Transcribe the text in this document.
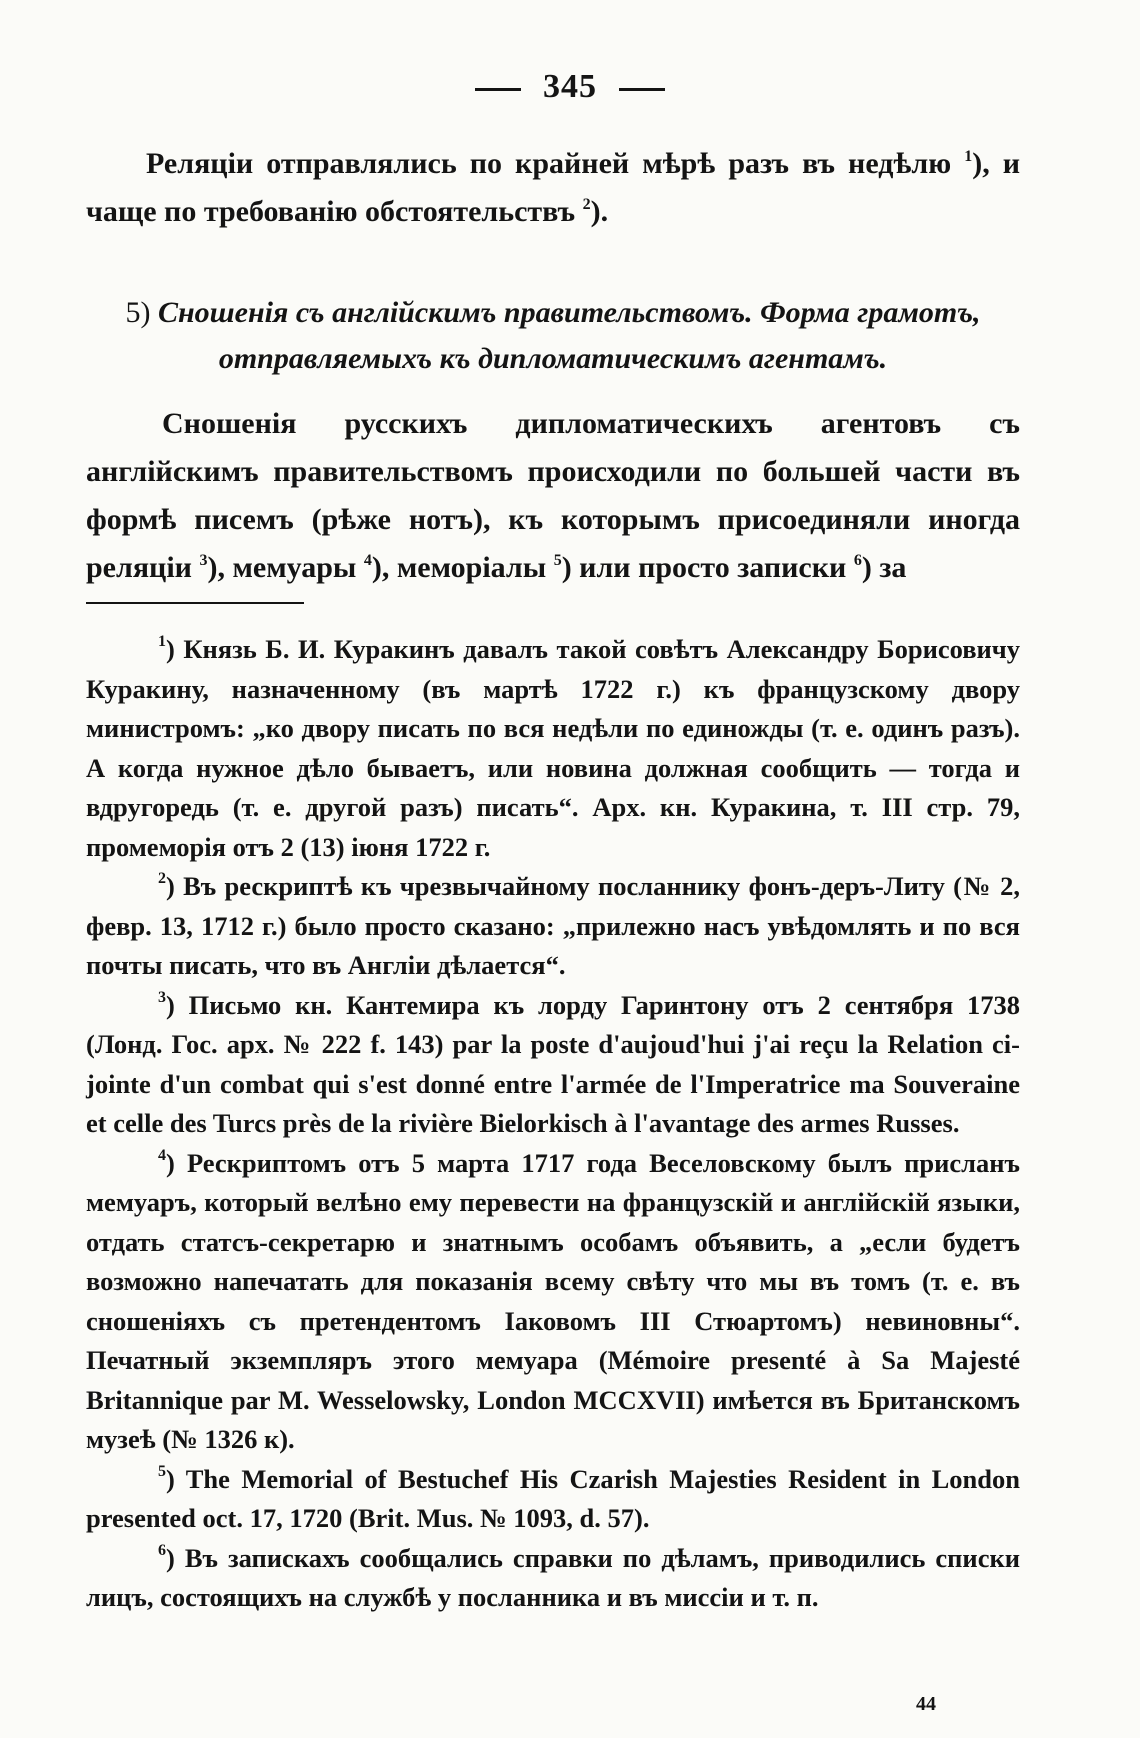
345
Реляціи отправлялись по крайней мѣрѣ разъ въ недѣлю $^1$), и чаще по требованію обстоятельствъ $^2$).
5) Сношенія съ англійскимъ правительствомъ. Форма грамотъ, отправляемыхъ къ дипломатическимъ агентамъ.
Сношенія русскихъ дипломатическихъ агентовъ съ англійскимъ правительствомъ происходили по большей части въ формѣ писемъ (рѣже нотъ), къ которымъ присоединяли иногда реляціи $^3$), мемуары $^4$), меморіалы $^5$) или просто записки $^6$) за

$^1$) Князь Б. И. Куракинъ давалъ такой совѣтъ Александру Борисовичу Куракину, назначенному (въ мартѣ 1722 г.) къ французскому двору министромъ: „ко двору писать по вся недѣли по единожды (т. е. одинъ разъ). А когда нужное дѣло бываетъ, или новина должная сообщить — тогда и вдругоредь (т. е. другой разъ) писать“. Арх. кн. Куракина, т. III стр. 79, промеморія отъ 2 (13) іюня 1722 г.

$^2$) Въ рескриптѣ къ чрезвычайному посланнику фонъ-деръ-Литу (№ 2, февр. 13, 1712 г.) было просто сказано: „прилежно насъ увѣдомлять и по вся почты писать, что въ Англіи дѣлается“.

$^3$) Письмо кн. Кантемира къ лорду Гаринтону отъ 2 сентября 1738 (Лонд. Гос. арх. № 222 f. 143) par la poste d'aujoud'hui j'ai reçu la Relation ci-jointe d'un combat qui s'est donné entre l'armée de l'Imperatrice ma Souveraine et celle des Turcs près de la rivière Bielorkisch à l'avantage des armes Russes.

$^4$) Рескриптомъ отъ 5 марта 1717 года Веселовскому былъ присланъ мемуаръ, который велѣно ему перевести на французскій и англійскій языки, отдать статсъ-секретарю и знатнымъ особамъ объявить, а „если будетъ возможно напечатать для показанія всему свѣту что мы въ томъ (т. е. въ сношеніяхъ съ претендентомъ Іаковомъ III Стюартомъ) невиновны“. Печатный экземпляръ этого мемуара (Mémoire presenté à Sa Majesté Britannique par M. Wesselowsky, London MCCXVII) имѣется въ Британскомъ музеѣ (№ 1326 к).

$^5$) The Memorial of Bestuchef His Czarish Majesties Resident in London presented oct. 17, 1720 (Brit. Mus. № 1093, d. 57).

$^6$) Въ запискахъ сообщались справки по дѣламъ, приводились списки лицъ, состоящихъ на службѣ у посланника и въ миссіи и т. п.

44
